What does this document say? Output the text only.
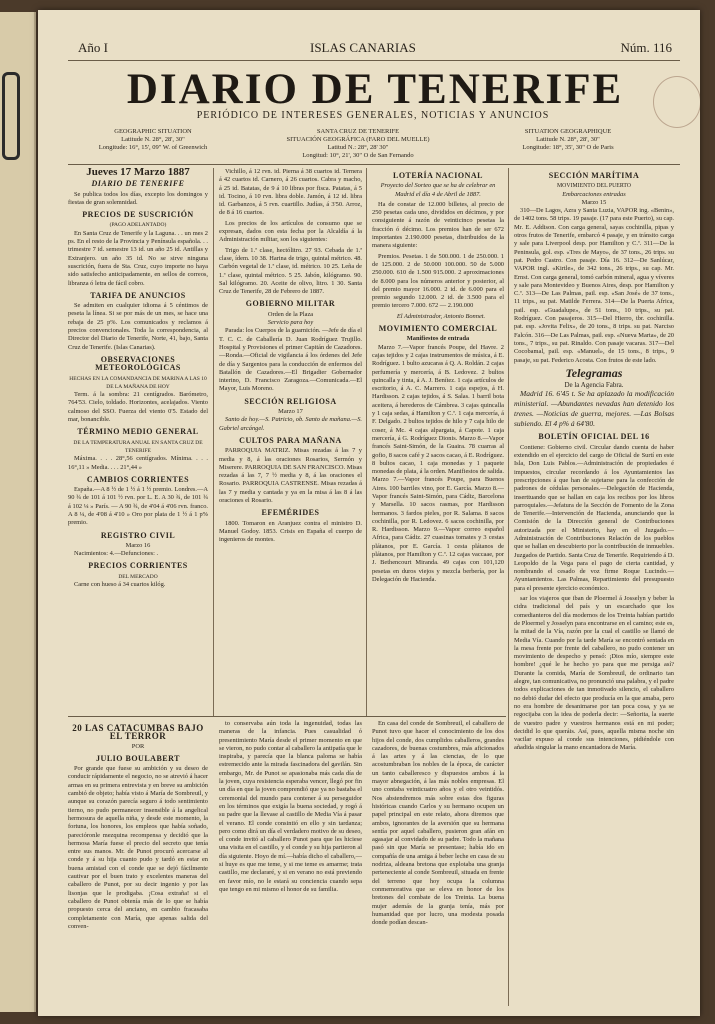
Año I	ISLAS CANARIAS	Núm. 116
DIARIO DE TENERIFE
PERIÓDICO DE INTERESES GENERALES, NOTICIAS Y ANUNCIOS
GEOGRAPHIC SITUATION
Latitude N. 28°, 28', 30"
Longitude: 16°, 15', 09" W. of Greenwich
SANTA CRUZ DE TENERIFE
SITUACIÓN GEOGRÁFICA (FARO DEL MUELLE)
Latitud N.: 28°, 28' 30"
Longitud: 10°, 21', 30" O de San Fernando
SITUATION GEOGRAPHIQUE
Latitude N. 28°, 28', 30"
Longitude: 18°, 35', 30" O de Paris
Jueves 17 Marzo 1887
DIARIO DE TENERIFE

Se publica todos los días, excepto los domingos y fiestas de gran solemnidad.

PRECIOS DE SUSCRICIÓN
(PAGO ADELANTADO)

En Santa Cruz de Tenerife y la Laguna. . . un mes 2 ps. En el resto de la Provincia y Península española. . . trimestre 7 id. semestre 13 id. un año 25 id. Antillas y Extranjero. un año 35 id. No se sirve ninguna suscrición, fuera de Sta. Cruz, cuyo importe no haya sido satisfecho anticipadamente, en sellos de correos, libranza ó letra de fácil cobro.

TARIFA DE ANUNCIOS

Se admiten en cualquier idioma á 5 céntimos de peseta la línea. Si se por más de un mes, se hace una rebaja de 25 p%. Los comunicados y reclamos á precios convencionales. Toda la correspondencia, al Director del Diario de Tenerife, Norte, 41, bajo, Santa Cruz de Tenerife. (Islas Canarias).

OBSERVACIONES METEOROLÓGICAS
HECHAS EN LA COMANDANCIA DE MARINA A LAS 10 DE LA MAÑANA DE HOY

Term. á la sombra: 21 centígrados. Barómetro, 764'53. Cielo, toldado. Horizontes, acelajados. Viento calmoso del SSO. Fuerza del viento 0'5. Estado del mar, bonancible.

TÉRMINO MEDIO GENERAL
DE LA TEMPERATURA ANUAL EN SANTA CRUZ DE TENERIFE

Máxima. . . . 28°,56 centígrados. Mínima. . . . 16°,11 » Media. . . . 21°,44 »

CAMBIOS CORRIENTES

España.—A 8 ½ de 1 ½ á 1 ½ premio. Londres.—A 90 ¾ de 101 á 101 ½ rvn. por L. E. A 30 ¾, de 101 ¾ á 102 ¼ » París. — A 90 ¾, de 4'04 á 4'06 rvn. franco. A 8 ¼, de 4'08 á 4'10 » Oro por plata de 1 ½ á 1 p% premio.

REGISTRO CIVIL
Marzo 16

Nacimientos: 4.—Defunciones: .

PRECIOS CORRIENTES
DEL MERCADO

Carne con hueso á 34 cuartos kilóg.

Vichillo, á 12 rvn. id. Pierna á 38 cuartos id. Ternera á 42 cuartos id. Carnero, á 26 cuartos. Cabra y macho, á 25 id. Batatas, de 9 á 10 libras por fisca. Patatas, á 5 id. Tocino, á 10 rvn. libra doble. Jamón, á 12 id. libra id. Garbanzos, á 5 rvn. cuartillo. Judías, á 3'50. Arroz, de 8 á 16 cuartos.

Los precios de los artículos de consumo que se expresan, dados con esta fecha por la Alcaldía á la Administración militar, son los siguientes:

Trigo de 1.ª clase, hectólitro. 27 93. Cebada de 1.ª clase, ídem. 10 38. Harina de trigo, quintal métrico. 48. Carbón vegetal de 1.ª clase, id. métrico. 10 25. Leña de 1.ª clase, quintal métrico. 5 25. Jabón, kilógramo. 90. Sal kilógramo. 20. Aceite de olivo, litro. 1 30. Santa Cruz de Tenerife, 28 de Febrero de 1887.

GOBIERNO MILITAR
Orden de la Plaza
Servicio para hoy

Parada: los Cuerpos de la guarnición. —Jefe de día el T. C. C. de Caballería D. Juan Rodríguez Trujillo. Hospital y Provisiones el primer Capitán de Cazadores.—Ronda.—Oficial de vigilancia á los órdenes del Jefe de día y Sargentos para la conducción de enfermos del Batallón de Cazadores.—El Brigadier Gobernador interino, D. Francisco Zaragoza.—Comunicada.—El Mayor, Luis Moreno.

SECCIÓN RELIGIOSA
Marzo 17

Santo de hoy.—S. Patricio, ob. Santo de mañana.—S. Gabriel arcángel.

CULTOS PARA MAÑANA

PARROQUIA MATRIZ. Misas rezadas á las 7 y media y 8, á las oraciones Rosarios, Sermón y Miserere. PARROQUIA DE SAN FRANCISCO. Misas rezadas á las 7, 7 ½ media y 8, á las oraciones el Rosario. PARROQUIA CASTRENSE. Misas rezadas á las 7 y media y cantada y ya en la misa á las 8 á las oraciones el Rosario.

EFEMÉRIDES

1800. Tomaron en Aranjuez contra el ministro D. Manuel Godoy. 1853. Crisis en España el cuerpo de ingenieros de montes.

LOTERÍA NACIONAL

Proyecto del Sorteo que se ha de celebrar en Madrid el día 4 de Abril de 1887.

Ha de constar de 12.000 billetes, al precio de 250 pesetas cada uno, divididos en décimos, y por consiguiente á razón de veinticinco pesetas la fracción ó décimo. Los premios han de ser 672 importantes 2.190.000 pesetas, distribuidos de la manera siguiente:

Premios. Pesetas. 1 de 500.000. 1 de 250.000. 1 de 125.000. 2 de 50.000 100.000. 50 de 5.000 250.000. 610 de 1.500 915.000. 2 aproximaciones de 8.000 para los números anterior y posterior, al del premio mayor 16.000. 2 id. de 6.000 para el premio segundo 12.000. 2 id. de 3.500 para el premio tercero 7.000. 672 — 2.190.000

El Administrador, Antonio Bonnet.

MOVIMIENTO COMERCIAL
Manifiestos de entrada

Marzo 7.—Vapor francés Poupe, del Havre. 2 cajas tejidos y 2 cajas instrumentos de música, á E. Rodríguez. 1 bulto azucaras á Q. A. Roldán. 2 cajas perfumería y mercería, á B. Ledovez. 2 bultos quincalla y tinta, á A. J. Benítez. 1 caja artículos de escritorio, á A. C. Marrero. 1 caja espejos, á H. Hardisson. 2 cajas tejidos, á S. Salas. 1 barril bota aceitera, á herederos de Cámbrea. 3 cajas quincalla y 1 caja sedas, á Hamilton y C.ª. 1 caja mercería, á F. Delgado. 2 bultos tejidos de hilo y 7 caja hilo de coser, á Mc. 4 cajas alpargata, á Capote. 1 caja mercería, á G. Rodríguez Dionis. Marzo 8.—Vapor francés Saint-Simón, de la Guaira. 78 cuarras al gofio, 8 sacos café y 2 sacos cacao, á E. Rodríguez. 8 bultos cacao, 1 caja monedas y 1 paquete monedas de plata, á la orden. Manifiestos de salida. Marzo 7.—Vapor francés Poupe, para Buenos Aires. 100 barriles vino, por E. García. Marzo 8.—Vapor francés Saint-Simón, para Cádiz, Barcelona y Marsella. 10 sacos rasmas, por Hardisson hermanos. 3 fardos pieles, por R. Salama. 8 sacos cochinilla, por R. Ledovez. 6 sacos cochinilla, por R. Hardisson. Marzo 9.—Vapor correo español Africa, para Cádiz. 27 cuasinas tomates y 3 cestas plátanos, por E. García. 1 cesta plátanos de plátanos, por Hamilton y C.ª. 12 cajas vaccaae, por J. Bethencourt Miranda. 49 cajas con 101,120 pesetas en duros viejos y mezcla berbería, por la Delegación de Hacienda.

SECCIÓN MARÍTIMA
MOVIMIENTO DEL PUERTO
Embarcaciones entradas
Marzo 15

310—De Lagos, Azra y Santa Luzia, VAPOR ing. «Benin», de 1402 tons. 58 trips. 19 pasaje. (17 para este Puerto), su cap. Mr. E. Addison. Con carga general, sayas cochinilla, pipas y otros frutos de Tenerife, embarcó 4 pasaje, y en tránsito carga y sale para Liverpool desp. por Hamilton y C.ª. 311—De la Peninsula, gol. esp. «Tres de Mayo», de 37 tons., 26 trips. su pat. Pedro Castro. Con pasaje. Día 16. 312—De Sanlúcar, VAPOR ingl. «Kirtle», de 342 tons., 26 trips., su cap. Mr. Ernst. Con carga general, tomó carbón mineral, agua y víveres y sale para Montevideo y Buenos Aires, desp. por Hamilton y C.ª. 313—De Las Palmas, pail. esp. «San José» de 37 tons., 11 trips., su pat. Matilde Ferrera. 314—De la Puerta Africa, pail. esp. «Guadalupe», de 51 tons., 10 trips., su pat. Rodríguez. Con pasajeros. 315—Del Hierro, tbr. cochinilla. pat. esp. «Jovita Felix», de 20 tons., 8 trips. su pat. Narciso Falcón. 316—De Las Palmas, pail. esp. «Nueva Marta», de 20 tons., 7 trips., su pat. Rinaldo. Con pasaje vacaras. 317—Del Cocobamal, pail. esp. «Manuel», de 15 tons., 8 trips., 9 pasaje, su pat. Federico Acosta. Con frutos de este lado.

Telegramas
De la Agencia Fabra.

Madrid 16. 6'45 t. Se ha aplazado la modificación ministerial. —Abundantes nevadas han detenido los trenes. —Noticias de guerra, mejores. —Las Bolsas subiendo. El 4 p% á 64'80.

BOLETÍN OFICIAL DEL 16

Contiene: Gobierno civil. Circular dando cuenta de haber extendido en el ejercicio del cargo de Oficial de Surtí en este Isla, Don Luis Pablos.—Administración de propiedades é impuestos, circular recordando á los Ayuntamientos las prescripciones á que han de sujetarse para la confección de padrones de cédulas personales.—Delegación de Hacienda, inserttuando que se hallan en caja los recibos por los libros parroquiales.—Jefatura de la Sección de Fomento de la Zona de Tenerife.—Intervención de Hacienda, anunciando que la Comisión de la Dirección general de Contribuciones autorizada por el Ministerio, hay en el Juzgado.—Administración de Contribuciones Relación de los pueblos que se hallan en descubierto por la contribución de inmuebles. Juzgados de Partido. Santa Cruz de Tenerife. Requiriendo á D. Leopoldo de la Vega para el pago de cierta cantidad, y nombrando el cesado de voz firme Roque Lucindo.—Ayuntamientos. Las Palmas, Repartimiento del presupuesto para el presente ejercicio económico.

sar los viajeros que iban de Ploermel á Josselyn y beber la cidra tradicional del país y un escarchado que los comedianteros del día modernos de los Treinta habían partido de Ploermel y Josselyn para encontrarse en el camino; este es, la mitad de la Vía, razón por la cual el castillo se llamó de Media Vía. Cuando por la tarde María se encontró sentada en la mesa frente por frente del caballero, no pudo contener un movimiento de despecho y pensó: ¡Dios mío, siempre este hombre! ¿qué le he hecho yo para que me persiga así? Durante la comida, María de Sombreuil, de ordinario tan alegre, tan comunicativa, no pronunció una palabra, y el padre todos explicaciones de tan inmotivado silencio, el caballero no debió dudar del efecto que producía en la que amaba, pero no era hombre de desanimarse por tan poca cosa, y ya se regocijaba con la idea de poderla decir: —Señorita, la suerte de vuestro padre y vuestros hermanos está en mi poder; decidid lo que queráis. Así, pues, aquella misma noche sin vacilar expuso al conde sus intenciones, pidiéndole con añadida singular la mano encantadora de María.

20 LAS CATACUMBAS BAJO EL TERROR
POR
JULIO BOULABERT

Por grande que fuese su ambición y su deseo de conducir rápidamente el negocio, no se atrevió á hacer armas en su primera entrevista y en breve su ambición cambió de objeto; había visto á María de Sombreuil, y aunque su corazón parecía seguro á todo sentimiento tierno, no pudo permanecer insensible á la angelical hermosura de aquella niña, y desde este momento, la fortuna, los honores, los empleos que había soñado, parecióronle mezquina recompensa y decidió que la hermosa María fuese el precio del secreto que tenía entre sus manos. Mr. de Punot procuró acercarse al conde y á su hija cuanto pudo y tardó en estar en buena amistad con el conde que se dejó fácilmente cautivar por el buen trato y excelentes maneras del caballero de Punot, por su decir ingenio y por las lisonjas que le prodigaba. ¡Cosa extraña! si el caballero de Punot obtenía más de lo que se había propuesto cerca del anciano, en cambio fracasaba completamente con María, que apenas salida del conven-

to conservaba aún toda la ingenuidad, todas las maneras de la infancia. Pues casualidad ó presentimiento María desde el primer momento en que se vieron, no pudo contar al caballero la antipatía que le inspiraba, y parecía que la blanca paloma se había estremecido ante la mirada fascinadora del gavilán. Sin embargo, Mr. de Punot se apasionaba más cada día de la joven, cuya resistencia esperaba vencer, llegó por fin un día en que la joven comprendió que ya no bastaba el ceremonial del mundo para contener á su perseguidor en los términos que exigía la buena sociedad, y rogó á su padre que la llevase al castillo de Media Vía á pasar el verano. El conde consintió en ello y sin tardanza; pero como dirá un día el verdadero motivo de su deseo, el conde invitó al caballero Punot para que les hiciese una visita en el castillo, y el conde y su hija partieron al día siguiente. Hoyo de mí.—había dicho el caballero,—si huye es que me teme, y si me teme es amarme; trata castillo, me declararé, y si en verano no está previendo en favor mío, no le estará su conciencia cuando sepa que tengo en mi mismo el honor de su familia.

En casa del conde de Sombreuil, el caballero de Punot tuvo que hacer el conocimiento de los dos hijos del conde, dos cumplidos caballeros, grandes cazadores, de buenas costumbres, más aficionados á las artes y á las ciencias, de lo que acostumbraban los nobles de la época, de carácter un tanto caballeresco y dispuestos ambos á la mayor abnegación, á las más nobles empresas. El uno contaba veinticuatro años y el otro veintidós. Nos abstendremos más sobre estas dos figuras históricas cuando Carlos y su hermano ocupen un papel principal en este relato, ahora diremos que ambos, ignorantes de la aversión que su hermana sentía por aquel caballero, pusieron gran afán en agasajar al convidado de su padre. Todo la mañana pasó sin que María se presentase; había ido en compañía de una amiga á beber leche en casa de su nodriza, aldeana bretona que explotaba una granja perteneciente al conde Sombreuil, situada en frente del terreno que hoy ocupa la columna conmemorativa que se eleva en honor de los bretones del combate de los Treinta. La buena mujer además de la granja tenía, más por humanidad que por lucro, una modesta posada donde podían descan-
